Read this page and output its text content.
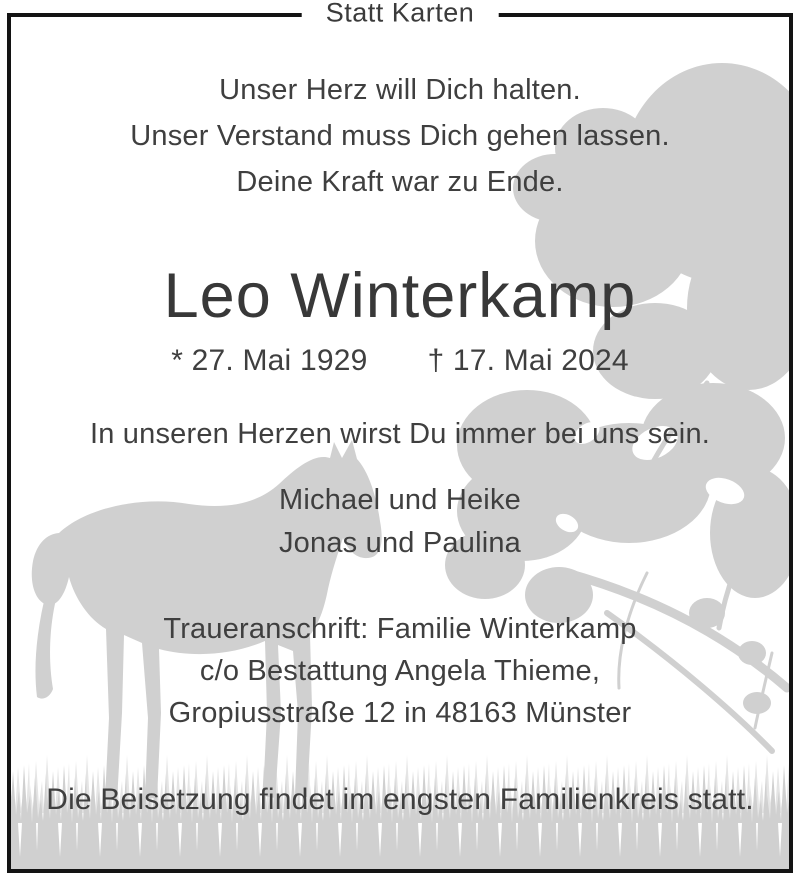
Statt Karten
Unser Herz will Dich halten.
Unser Verstand muss Dich gehen lassen.
Deine Kraft war zu Ende.
Leo Winterkamp
* 27. Mai 1929 † 17. Mai 2024
In unseren Herzen wirst Du immer bei uns sein.
Michael und Heike
Jonas und Paulina
Traueranschrift: Familie Winterkamp
c/o Bestattung Angela Thieme,
Gropiusstraße 12 in 48163 Münster
Die Beisetzung findet im engsten Familienkreis statt.
